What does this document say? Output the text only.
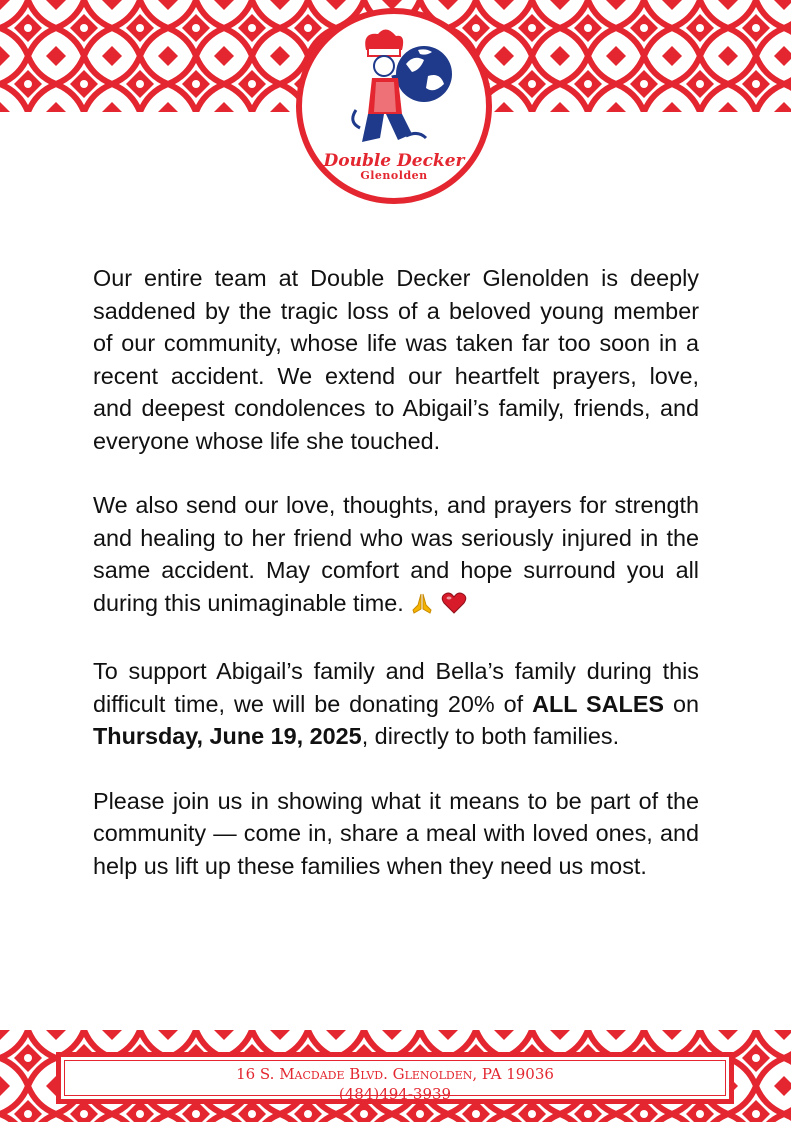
Double Decker
Glenolden

Our entire team at Double Decker Glenolden is deeply saddened by the tragic loss of a beloved young member of our community, whose life was taken far too soon in a recent accident. We extend our heartfelt prayers, love, and deepest condolences to Abigail’s family, friends, and everyone whose life she touched.

We also send our love, thoughts, and prayers for strength and healing to her friend who was seriously injured in the same accident. May comfort and hope surround you all during this unimaginable time.

To support Abigail’s family and Bella’s family during this difficult time, we will be donating 20% of ALL SALES on Thursday, June 19, 2025, directly to both families.

Please join us in showing what it means to be part of the community — come in, share a meal with loved ones, and help us lift up these families when they need us most.

16 S. Macdade Blvd. Glenolden, PA 19036
(484)494-3939
